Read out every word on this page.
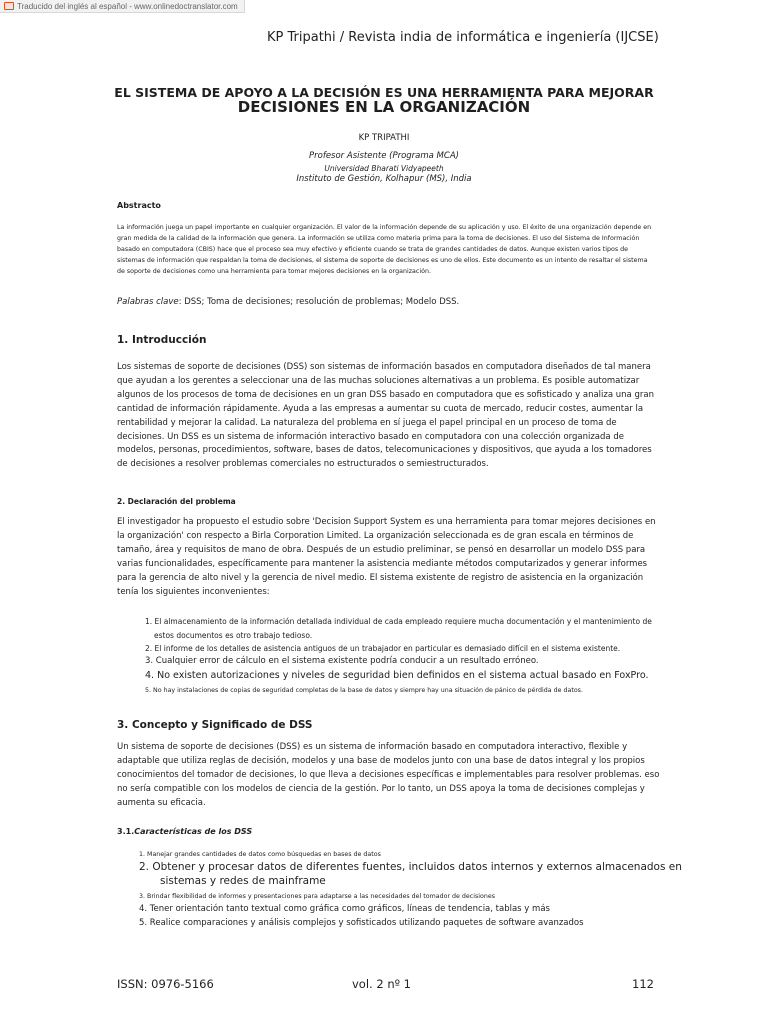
Traducido del inglés al español - www.onlinedoctranslator.com
KP Tripathi / Revista india de informática e ingeniería (IJCSE)
EL SISTEMA DE APOYO A LA DECISIÓN ES UNA HERRAMIENTA PARA MEJORAR
DECISIONES EN LA ORGANIZACIÓN
KP TRIPATHI
Profesor Asistente (Programa MCA)
Universidad Bharati Vidyapeeth
Instituto de Gestión, Kolhapur (MS), India
Abstracto
La información juega un papel importante en cualquier organización. El valor de la información depende de su aplicación y uso. El éxito de una organización depende en gran medida de la calidad de la información que genera. La información se utiliza como materia prima para la toma de decisiones. El uso del Sistema de Información basado en computadora (CBIS) hace que el proceso sea muy efectivo y eficiente cuando se trata de grandes cantidades de datos. Aunque existen varios tipos de sistemas de información que respaldan la toma de decisiones, el sistema de soporte de decisiones es uno de ellos. Este documento es un intento de resaltar el sistema de soporte de decisiones como una herramienta para tomar mejores decisiones en la organización.
Palabras clave: DSS; Toma de decisiones; resolución de problemas; Modelo DSS.
1. Introducción
Los sistemas de soporte de decisiones (DSS) son sistemas de información basados en computadora diseñados de tal manera que ayudan a los gerentes a seleccionar una de las muchas soluciones alternativas a un problema. Es posible automatizar algunos de los procesos de toma de decisiones en un gran DSS basado en computadora que es sofisticado y analiza una gran cantidad de información rápidamente. Ayuda a las empresas a aumentar su cuota de mercado, reducir costes, aumentar la rentabilidad y mejorar la calidad. La naturaleza del problema en sí juega el papel principal en un proceso de toma de decisiones. Un DSS es un sistema de información interactivo basado en computadora con una colección organizada de modelos, personas, procedimientos, software, bases de datos, telecomunicaciones y dispositivos, que ayuda a los tomadores de decisiones a resolver problemas comerciales no estructurados o semiestructurados.
2. Declaración del problema
El investigador ha propuesto el estudio sobre 'Decision Support System es una herramienta para tomar mejores decisiones en la organización' con respecto a Birla Corporation Limited. La organización seleccionada es de gran escala en términos de tamaño, área y requisitos de mano de obra. Después de un estudio preliminar, se pensó en desarrollar un modelo DSS para varias funcionalidades, específicamente para mantener la asistencia mediante métodos computarizados y generar informes para la gerencia de alto nivel y la gerencia de nivel medio. El sistema existente de registro de asistencia en la organización tenía los siguientes inconvenientes:
1. El almacenamiento de la información detallada individual de cada empleado requiere mucha documentación y el mantenimiento de estos documentos es otro trabajo tedioso.
2. El informe de los detalles de asistencia antiguos de un trabajador en particular es demasiado difícil en el sistema existente.
3. Cualquier error de cálculo en el sistema existente podría conducir a un resultado erróneo.
4. No existen autorizaciones y niveles de seguridad bien definidos en el sistema actual basado en FoxPro.
5. No hay instalaciones de copias de seguridad completas de la base de datos y siempre hay una situación de pánico de pérdida de datos.
3. Concepto y Significado de DSS
Un sistema de soporte de decisiones (DSS) es un sistema de información basado en computadora interactivo, flexible y adaptable que utiliza reglas de decisión, modelos y una base de modelos junto con una base de datos integral y los propios conocimientos del tomador de decisiones, lo que lleva a decisiones específicas e implementables para resolver problemas. eso no sería compatible con los modelos de ciencia de la gestión. Por lo tanto, un DSS apoya la toma de decisiones complejas y aumenta su eficacia.
3.1.Características de los DSS
1. Manejar grandes cantidades de datos como búsquedas en bases de datos
2. Obtener y procesar datos de diferentes fuentes, incluidos datos internos y externos almacenados en
sistemas y redes de mainframe
3. Brindar flexibilidad de informes y presentaciones para adaptarse a las necesidades del tomador de decisiones
4. Tener orientación tanto textual como gráfica como gráficos, líneas de tendencia, tablas y más
5. Realice comparaciones y análisis complejos y sofisticados utilizando paquetes de software avanzados
ISSN: 0976-5166	vol. 2 nº 1	112
